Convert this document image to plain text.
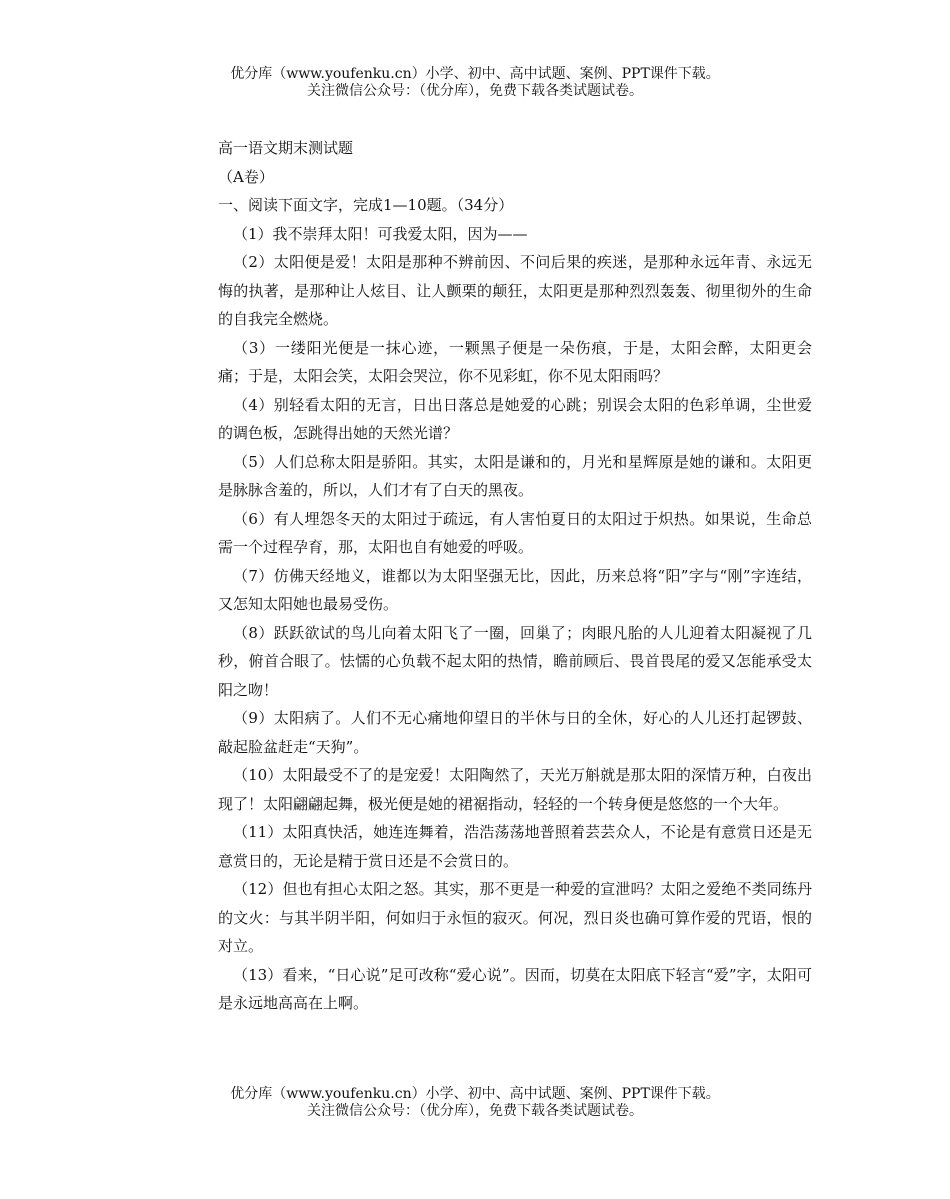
优分库（www.youfenku.cn）小学、初中、高中试题、案例、PPT课件下载。
关注微信公众号：（优分库），免费下载各类试题试卷。

高一语文期末测试题

（A卷）

一、阅读下面文字，完成1—10题。（34分）

（1）我不崇拜太阳！可我爱太阳，因为——

（2）太阳便是爱！太阳是那种不辨前因、不问后果的疾迷，是那种永远年青、永远无悔的执著，是那种让人炫目、让人颤栗的颠狂，太阳更是那种烈烈轰轰、彻里彻外的生命的自我完全燃烧。

（3）一缕阳光便是一抹心迹，一颗黑子便是一朵伤痕，于是，太阳会醉，太阳更会痛；于是，太阳会笑，太阳会哭泣，你不见彩虹，你不见太阳雨吗？

（4）别轻看太阳的无言，日出日落总是她爱的心跳；别误会太阳的色彩单调，尘世爱的调色板，怎跳得出她的天然光谱？

（5）人们总称太阳是骄阳。其实，太阳是谦和的，月光和星辉原是她的谦和。太阳更是脉脉含羞的，所以，人们才有了白天的黑夜。

（6）有人埋怨冬天的太阳过于疏远，有人害怕夏日的太阳过于炽热。如果说，生命总需一个过程孕育，那，太阳也自有她爱的呼吸。

（7）仿佛天经地义，谁都以为太阳坚强无比，因此，历来总将“阳”字与“刚”字连结，又怎知太阳她也最易受伤。

（8）跃跃欲试的鸟儿向着太阳飞了一圈，回巢了；肉眼凡胎的人儿迎着太阳凝视了几秒，俯首合眼了。怯懦的心负载不起太阳的热情，瞻前顾后、畏首畏尾的爱又怎能承受太阳之吻！

（9）太阳病了。人们不无心痛地仰望日的半休与日的全休，好心的人儿还打起锣鼓、敲起脸盆赶走“天狗”。

（10）太阳最受不了的是宠爱！太阳陶然了，天光万斛就是那太阳的深情万种，白夜出现了！太阳翩翩起舞，极光便是她的裙裾指动，轻轻的一个转身便是悠悠的一个大年。

（11）太阳真快活，她连连舞着，浩浩荡荡地普照着芸芸众人，不论是有意赏日还是无意赏日的，无论是精于赏日还是不会赏日的。

（12）但也有担心太阳之怒。其实，那不更是一种爱的宣泄吗？太阳之爱绝不类同练丹的文火：与其半阴半阳，何如归于永恒的寂灭。何况，烈日炎也确可算作爱的咒语，恨的对立。

（13）看来，“日心说”足可改称“爱心说”。因而，切莫在太阳底下轻言“爱”字，太阳可是永远地高高在上啊。

优分库（www.youfenku.cn）小学、初中、高中试题、案例、PPT课件下载。
关注微信公众号：（优分库），免费下载各类试题试卷。
